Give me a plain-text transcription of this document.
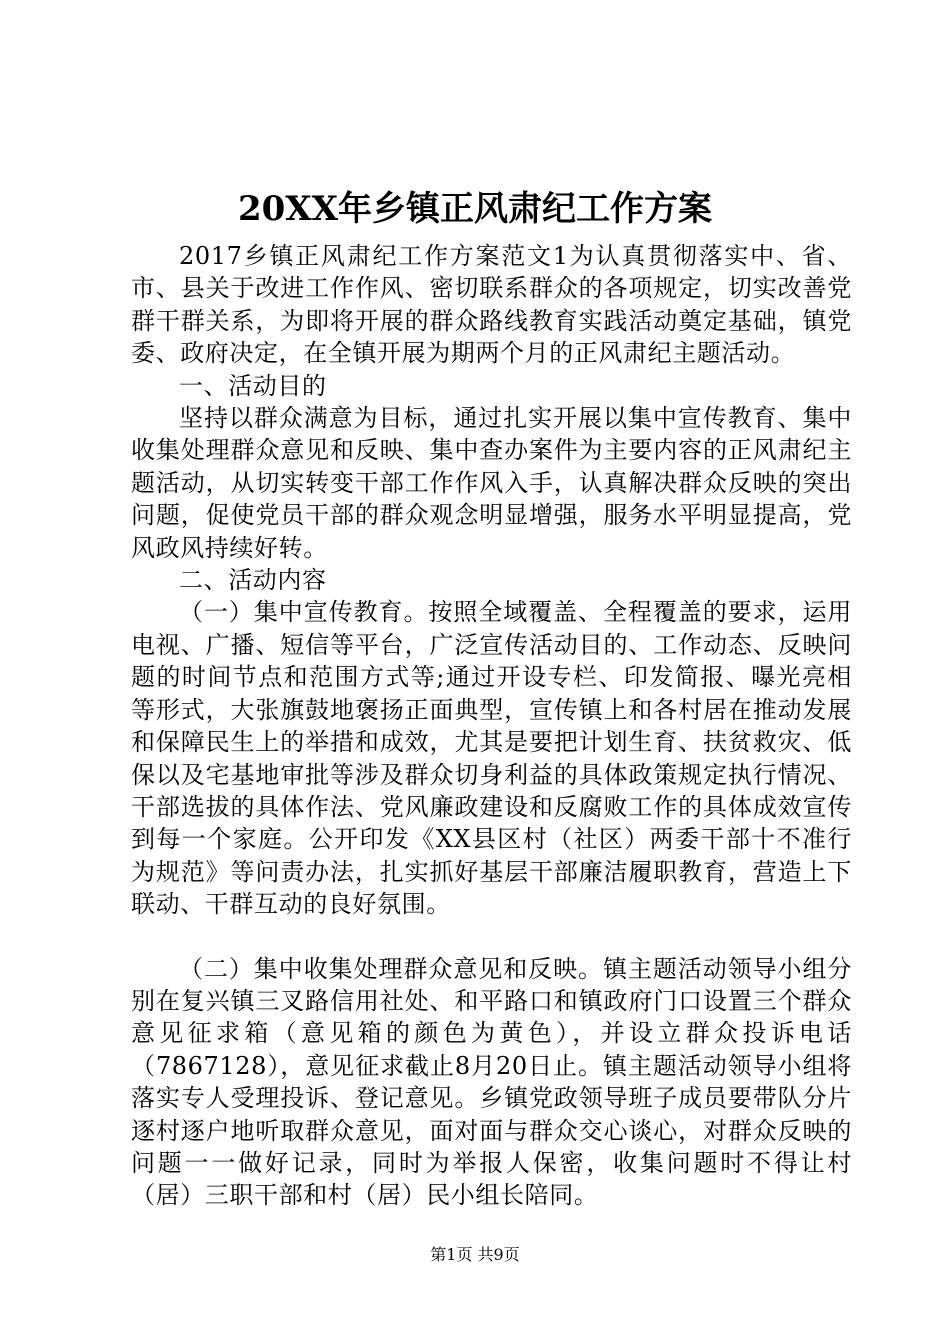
20XX年乡镇正风肃纪工作方案

2017乡镇正风肃纪工作方案范文1为认真贯彻落实中、省、市、县关于改进工作作风、密切联系群众的各项规定，切实改善党群干群关系，为即将开展的群众路线教育实践活动奠定基础，镇党委、政府决定，在全镇开展为期两个月的正风肃纪主题活动。

一、活动目的

坚持以群众满意为目标，通过扎实开展以集中宣传教育、集中收集处理群众意见和反映、集中查办案件为主要内容的正风肃纪主题活动，从切实转变干部工作作风入手，认真解决群众反映的突出问题，促使党员干部的群众观念明显增强，服务水平明显提高，党风政风持续好转。

二、活动内容

（一）集中宣传教育。按照全域覆盖、全程覆盖的要求，运用电视、广播、短信等平台，广泛宣传活动目的、工作动态、反映问题的时间节点和范围方式等;通过开设专栏、印发简报、曝光亮相等形式，大张旗鼓地褒扬正面典型，宣传镇上和各村居在推动发展和保障民生上的举措和成效，尤其是要把计划生育、扶贫救灾、低保以及宅基地审批等涉及群众切身利益的具体政策规定执行情况、干部选拔的具体作法、党风廉政建设和反腐败工作的具体成效宣传到每一个家庭。公开印发《XX县区村（社区）两委干部十不准行为规范》等问责办法，扎实抓好基层干部廉洁履职教育，营造上下联动、干群互动的良好氛围。

（二）集中收集处理群众意见和反映。镇主题活动领导小组分别在复兴镇三叉路信用社处、和平路口和镇政府门口设置三个群众意见征求箱（意见箱的颜色为黄色），并设立群众投诉电话（7867128），意见征求截止8月20日止。镇主题活动领导小组将落实专人受理投诉、登记意见。乡镇党政领导班子成员要带队分片逐村逐户地听取群众意见，面对面与群众交心谈心，对群众反映的问题一一做好记录，同时为举报人保密，收集问题时不得让村（居）三职干部和村（居）民小组长陪同。

第1页 共9页
